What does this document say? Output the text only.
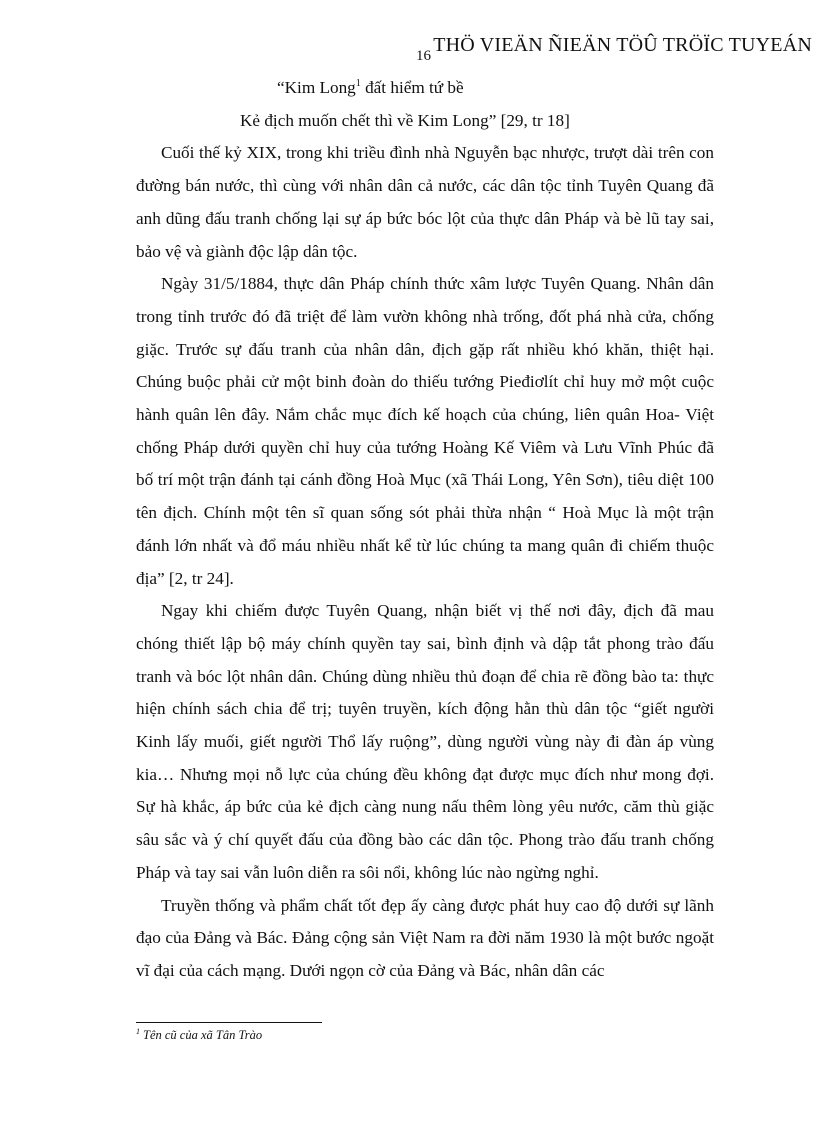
THÖ VIEÄN ÑIEÄN TÖÛ TRÖÏC TUYEÁN
16

“Kim Long$^1$ đất hiểm tứ bề

Kẻ địch muốn chết thì về Kim Long” [29, tr 18]

Cuối thế kỷ XIX, trong khi triều đình nhà Nguyễn bạc nhược, trượt dài trên con đường bán nước, thì cùng với nhân dân cả nước, các dân tộc tỉnh Tuyên Quang đã anh dũng đấu tranh chống lại sự áp bức bóc lột của thực dân Pháp và bè lũ tay sai, bảo vệ và giành độc lập dân tộc.

Ngày 31/5/1884, thực dân Pháp chính thức xâm lược Tuyên Quang. Nhân dân trong tỉnh trước đó đã triệt để làm vườn không nhà trống, đốt phá nhà cửa, chống giặc. Trước sự đấu tranh của nhân dân, địch gặp rất nhiều khó khăn, thiệt hại. Chúng buộc phải cử một binh đoàn do thiếu tướng Pieđiơlít chỉ huy mở một cuộc hành quân lên đây. Nắm chắc mục đích kế hoạch của chúng, liên quân Hoa- Việt chống Pháp dưới quyền chỉ huy của tướng Hoàng Kế Viêm và Lưu Vĩnh Phúc đã bố trí một trận đánh tại cánh đồng Hoà Mục (xã Thái Long, Yên Sơn), tiêu diệt 100 tên địch. Chính một tên sĩ quan sống sót phải thừa nhận “ Hoà Mục là một trận đánh lớn nhất và đổ máu nhiều nhất kể từ lúc chúng ta mang quân đi chiếm thuộc địa” [2, tr 24].

Ngay khi chiếm được Tuyên Quang, nhận biết vị thế nơi đây, địch đã mau chóng thiết lập bộ máy chính quyền tay sai, bình định và dập tắt phong trào đấu tranh và bóc lột nhân dân. Chúng dùng nhiều thủ đoạn để chia rẽ đồng bào ta: thực hiện chính sách chia để trị; tuyên truyền, kích động hằn thù dân tộc “giết người Kinh lấy muối, giết người Thổ lấy ruộng”, dùng người vùng này đi đàn áp vùng kia… Nhưng mọi nỗ lực của chúng đều không đạt được mục đích như mong đợi. Sự hà khắc, áp bức của kẻ địch càng nung nấu thêm lòng yêu nước, căm thù giặc sâu sắc và ý chí quyết đấu của đồng bào các dân tộc. Phong trào đấu tranh chống Pháp và tay sai vẫn luôn diễn ra sôi nổi, không lúc nào ngừng nghỉ.

Truyền thống và phẩm chất tốt đẹp ấy càng được phát huy cao độ dưới sự lãnh đạo của Đảng và Bác. Đảng cộng sản Việt Nam ra đời năm 1930 là một bước ngoặt vĩ đại của cách mạng. Dưới ngọn cờ của Đảng và Bác, nhân dân các

$^1$ Tên cũ của xã Tân Trào
